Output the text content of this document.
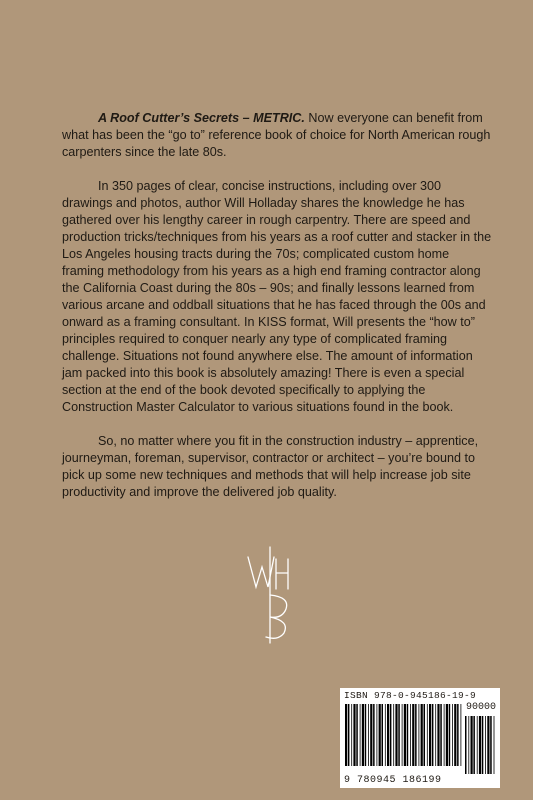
A Roof Cutter’s Secrets – METRIC. Now everyone can benefit from what has been the “go to” reference book of choice for North American rough carpenters since the late 80s.

In 350 pages of clear, concise instructions, including over 300 drawings and photos, author Will Holladay shares the knowledge he has gathered over his lengthy career in rough carpentry. There are speed and production tricks/techniques from his years as a roof cutter and stacker in the Los Angeles housing tracts during the 70s; complicated custom home framing methodology from his years as a high end framing contractor along the California Coast during the 80s – 90s; and finally lessons learned from various arcane and oddball situations that he has faced through the 00s and onward as a framing consultant. In KISS format, Will presents the “how to” principles required to conquer nearly any type of complicated framing challenge. Situations not found anywhere else. The amount of information jam packed into this book is absolutely amazing! There is even a special section at the end of the book devoted specifically to applying the Construction Master Calculator to various situations found in the book.

So, no matter where you fit in the construction industry – apprentice, journeyman, foreman, supervisor, contractor or architect – you’re bound to pick up some new techniques and methods that will help increase job site productivity and improve the delivered job quality.

ISBN 978-0-945186-19-9
90000
9 780945 186199
